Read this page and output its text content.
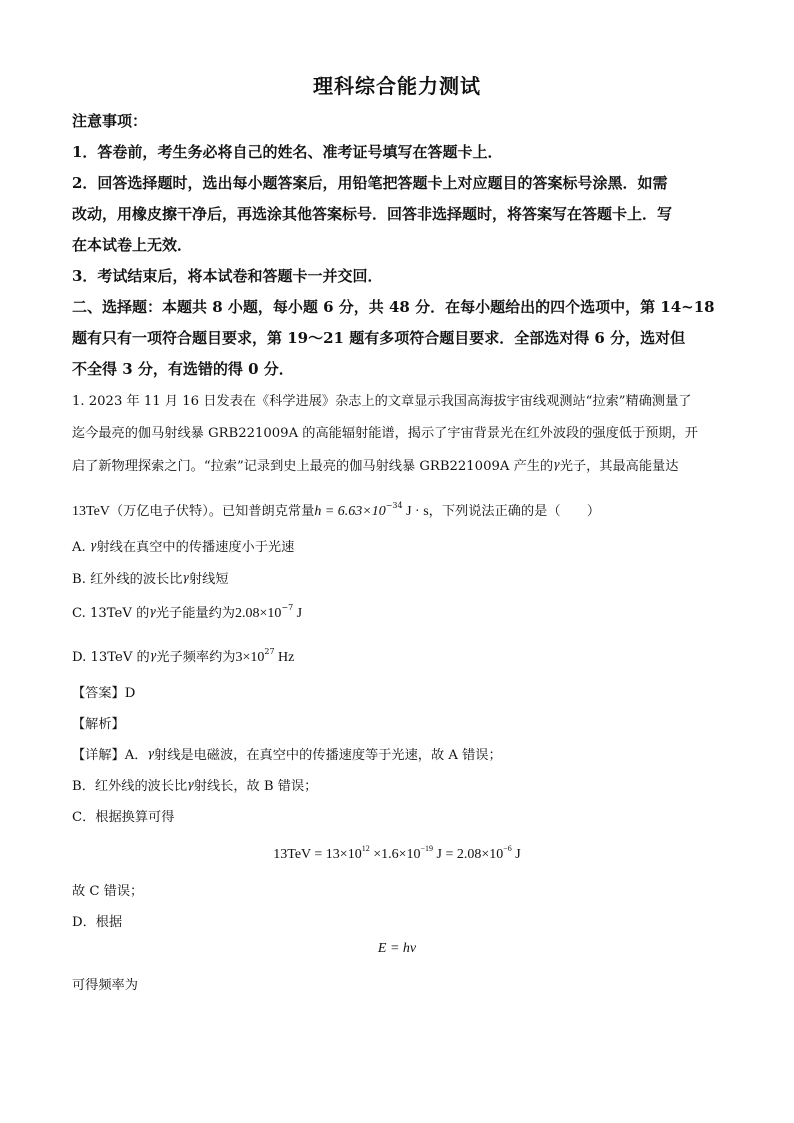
理科综合能力测试
注意事项：
1．答卷前，考生务必将自己的姓名、准考证号填写在答题卡上．
2．回答选择题时，选出每小题答案后，用铅笔把答题卡上对应题目的答案标号涂黑．如需
改动，用橡皮擦干净后，再选涂其他答案标号．回答非选择题时，将答案写在答题卡上．写
在本试卷上无效．
3．考试结束后，将本试卷和答题卡一并交回．
二、选择题：本题共 8 小题，每小题 6 分，共 48 分．在每小题给出的四个选项中，第 14~18
题有只有一项符合题目要求，第 19～21 题有多项符合题目要求．全部选对得 6 分，选对但
不全得 3 分，有选错的得 0 分．
1. 2023 年 11 月 16 日发表在《科学进展》杂志上的文章显示我国高海拔宇宙线观测站“拉索”精确测量了
迄今最亮的伽马射线暴 GRB221009A 的高能辐射能谱，揭示了宇宙背景光在红外波段的强度低于预期，开
启了新物理探索之门。“拉索”记录到史上最亮的伽马射线暴 GRB221009A 产生的γ光子，其最高能量达
13TeV（万亿电子伏特）。已知普朗克常量$h = 6.63\times 10^{-34}$ J · s，下列说法正确的是（　　）
A. γ射线在真空中的传播速度小于光速
B. 红外线的波长比γ射线短
C. 13TeV 的γ光子能量约为$2.08\times 10^{-7}$ J
D. 13TeV 的γ光子频率约为$3\times 10^{27}$ Hz
【答案】D
【解析】
【详解】A．γ射线是电磁波，在真空中的传播速度等于光速，故 A 错误；
B．红外线的波长比γ射线长，故 B 错误；
C．根据换算可得
$13TeV = 13\times 10^{12} \times 1.6\times 10^{-19}$ $J = 2.08\times 10^{-6}$ J
故 C 错误；
D．根据
E = hν
可得频率为
